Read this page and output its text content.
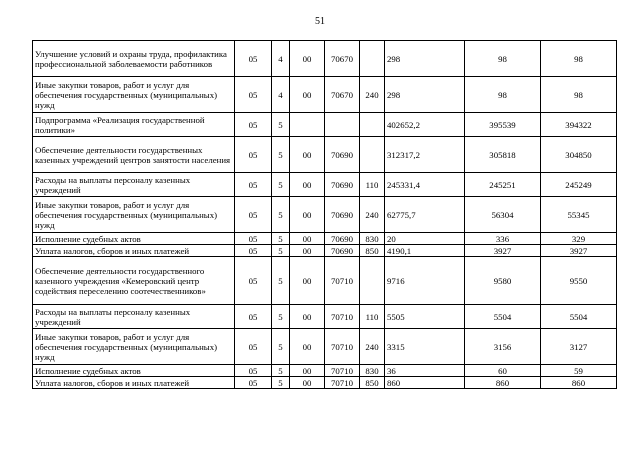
51
Улучшение условий и охраны труда, профилактика профессиональной заболеваемости работников	05	4	00	70670		298	98	98
Иные закупки товаров, работ и услуг для обеспечения государственных (муниципальных) нужд	05	4	00	70670	240	298	98	98
Подпрограмма «Реализация государственной политики»	05	5				402652,2	395539	394322
Обеспечение деятельности государственных казенных учреждений центров занятости населения	05	5	00	70690		312317,2	305818	304850
Расходы на выплаты персоналу казенных учреждений	05	5	00	70690	110	245331,4	245251	245249
Иные закупки товаров, работ и услуг для обеспечения государственных (муниципальных) нужд	05	5	00	70690	240	62775,7	56304	55345
Исполнение судебных актов	05	5	00	70690	830	20	336	329
Уплата налогов, сборов и иных платежей	05	5	00	70690	850	4190,1	3927	3927
Обеспечение деятельности государственного казенного учреждения «Кемеровский центр содействия переселению соотечественников»	05	5	00	70710		9716	9580	9550
Расходы на выплаты персоналу казенных учреждений	05	5	00	70710	110	5505	5504	5504
Иные закупки товаров, работ и услуг для обеспечения государственных (муниципальных) нужд	05	5	00	70710	240	3315	3156	3127
Исполнение судебных актов	05	5	00	70710	830	36	60	59
Уплата налогов, сборов и иных платежей	05	5	00	70710	850	860	860	860
